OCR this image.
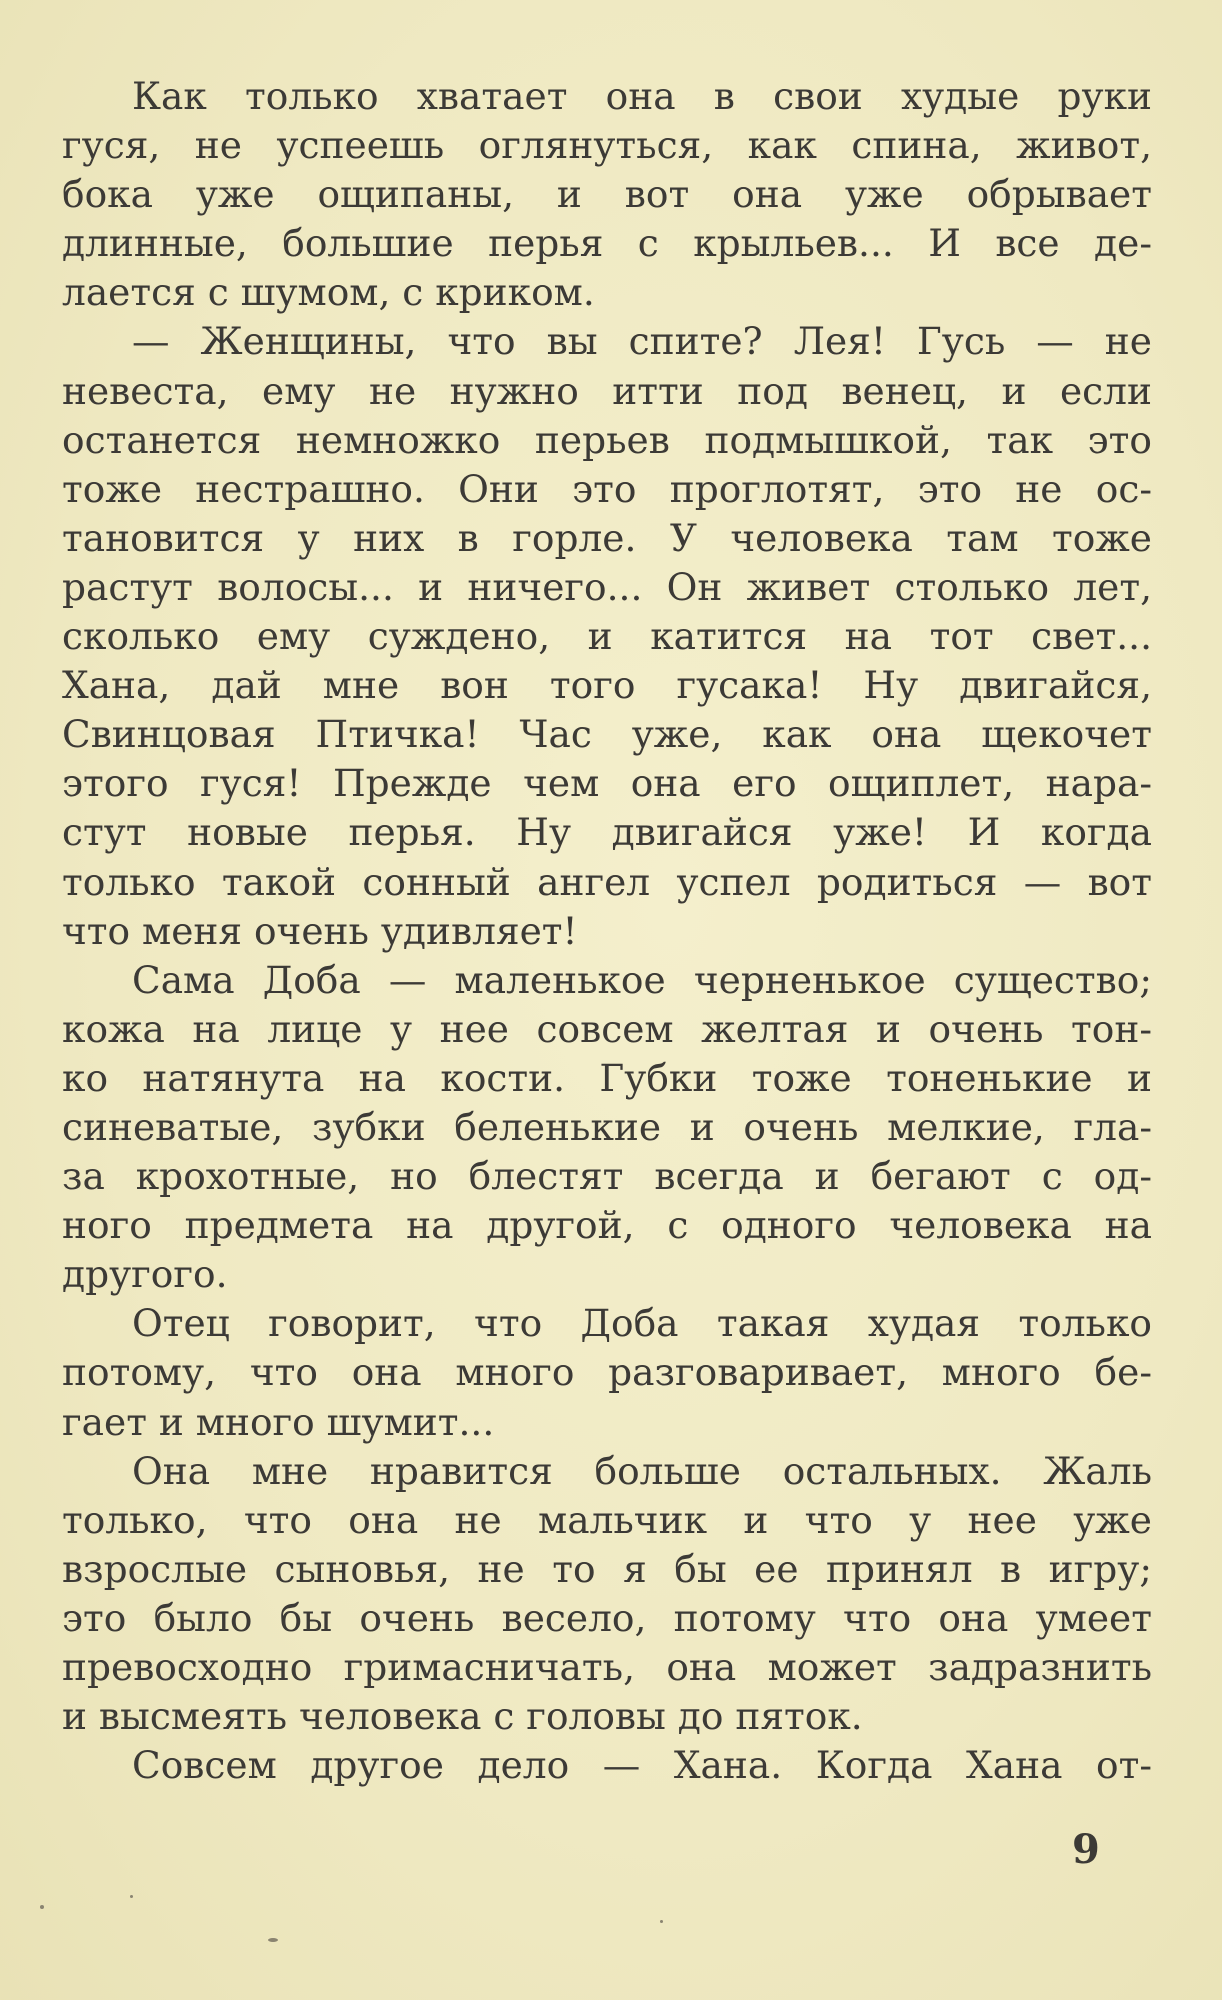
Как только хватает она в свои худые руки
гуся, не успеешь оглянуться, как спина, живот,
бока уже ощипаны, и вот она уже обрывает
длинные, большие перья с крыльев... И все де-
лается с шумом, с криком.
— Женщины, что вы спите? Лея! Гусь — не
невеста, ему не нужно итти под венец, и если
останется немножко перьев подмышкой, так это
тоже нестрашно. Они это проглотят, это не ос-
тановится у них в горле. У человека там тоже
растут волосы... и ничего... Он живет столько лет,
сколько ему суждено, и катится на тот свет...
Хана, дай мне вон того гусака! Ну двигайся,
Свинцовая Птичка! Час уже, как она щекочет
этого гуся! Прежде чем она его ощиплет, нара-
стут новые перья. Ну двигайся уже! И когда
только такой сонный ангел успел родиться — вот
что меня очень удивляет!
Сама Доба — маленькое черненькое существо;
кожа на лице у нее совсем желтая и очень тон-
ко натянута на кости. Губки тоже тоненькие и
синеватые, зубки беленькие и очень мелкие, гла-
за крохотные, но блестят всегда и бегают с од-
ного предмета на другой, с одного человека на
другого.
Отец говорит, что Доба такая худая только
потому, что она много разговаривает, много бе-
гает и много шумит...
Она мне нравится больше остальных. Жаль
только, что она не мальчик и что у нее уже
взрослые сыновья, не то я бы ее принял в игру;
это было бы очень весело, потому что она умеет
превосходно гримасничать, она может задразнить
и высмеять человека с головы до пяток.
Совсем другое дело — Хана. Когда Хана от-
9
